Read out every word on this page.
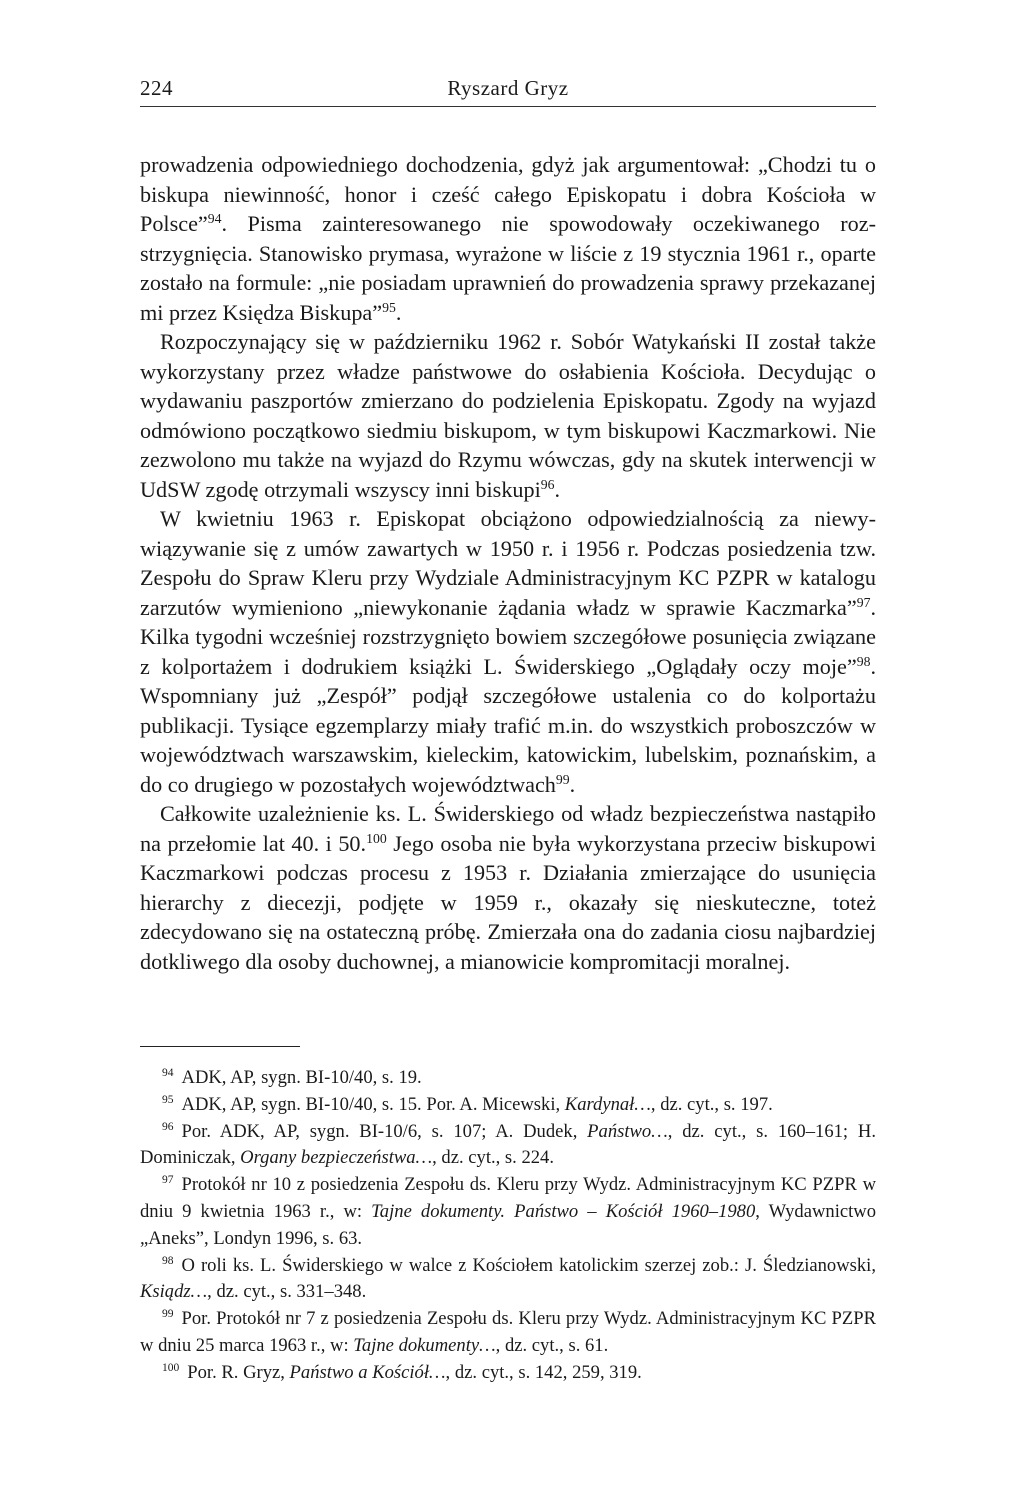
224	Ryszard Gryz

prowadzenia odpowiedniego dochodzenia, gdyż jak argumentował: „Chodzi tu o biskupa niewinność, honor i cześć całego Episkopatu i dobra Kościoła w Polsce”$^{94}$. Pisma zainteresowanego nie spowodowały oczekiwanego rozstrzygnięcia. Stanowisko prymasa, wyrażone w liście z 19 stycznia 1961 r., oparte zostało na formule: „nie posiadam uprawnień do prowadzenia sprawy przekazanej mi przez Księdza Biskupa”$^{95}$.

Rozpoczynający się w październiku 1962 r. Sobór Watykański II został także wykorzystany przez władze państwowe do osłabienia Kościoła. Decydując o wydawaniu paszportów zmierzano do podzielenia Episkopatu. Zgody na wyjazd odmówiono początkowo siedmiu biskupom, w tym biskupowi Kaczmarkowi. Nie zezwolono mu także na wyjazd do Rzymu wówczas, gdy na skutek interwencji w UdSW zgodę otrzymali wszyscy inni biskupi$^{96}$.

W kwietniu 1963 r. Episkopat obciążono odpowiedzialnością za niewywiązywanie się z umów zawartych w 1950 r. i 1956 r. Podczas posiedzenia tzw. Zespołu do Spraw Kleru przy Wydziale Administracyjnym KC PZPR w katalogu zarzutów wymieniono „niewykonanie żądania władz w sprawie Kaczmarka”$^{97}$. Kilka tygodni wcześniej rozstrzygnięto bowiem szczegółowe posunięcia związane z kolportażem i dodrukiem książki L. Świderskiego „Oglądały oczy moje”$^{98}$. Wspomniany już „Zespół” podjął szczegółowe ustalenia co do kolportażu publikacji. Tysiące egzemplarzy miały trafić m.in. do wszystkich proboszczów w województwach warszawskim, kieleckim, katowickim, lubelskim, poznańskim, a do co drugiego w pozostałych województwach$^{99}$.

Całkowite uzależnienie ks. L. Świderskiego od władz bezpieczeństwa nastąpiło na przełomie lat 40. i 50.$^{100}$ Jego osoba nie była wykorzystana przeciw biskupowi Kaczmarkowi podczas procesu z 1953 r. Działania zmierzające do usunięcia hierarchy z diecezji, podjęte w 1959 r., okazały się nieskuteczne, toteż zdecydowano się na ostateczną próbę. Zmierzała ona do zadania ciosu najbardziej dotkliwego dla osoby duchownej, a mianowicie kompromitacji moralnej.

$^{94}$ ADK, AP, sygn. BI-10/40, s. 19.

$^{95}$ ADK, AP, sygn. BI-10/40, s. 15. Por. A. Micewski, Kardynał…, dz. cyt., s. 197.

$^{96}$ Por. ADK, AP, sygn. BI-10/6, s. 107; A. Dudek, Państwo…, dz. cyt., s. 160–161; H. Dominiczak, Organy bezpieczeństwa…, dz. cyt., s. 224.

$^{97}$ Protokół nr 10 z posiedzenia Zespołu ds. Kleru przy Wydz. Administracyjnym KC PZPR w dniu 9 kwietnia 1963 r., w: Tajne dokumenty. Państwo – Kościół 1960–1980, Wydawnictwo „Aneks”, Londyn 1996, s. 63.

$^{98}$ O roli ks. L. Świderskiego w walce z Kościołem katolickim szerzej zob.: J. Śledzianowski, Ksiądz…, dz. cyt., s. 331–348.

$^{99}$ Por. Protokół nr 7 z posiedzenia Zespołu ds. Kleru przy Wydz. Administracyjnym KC PZPR w dniu 25 marca 1963 r., w: Tajne dokumenty…, dz. cyt., s. 61.

$^{100}$ Por. R. Gryz, Państwo a Kościół…, dz. cyt., s. 142, 259, 319.
